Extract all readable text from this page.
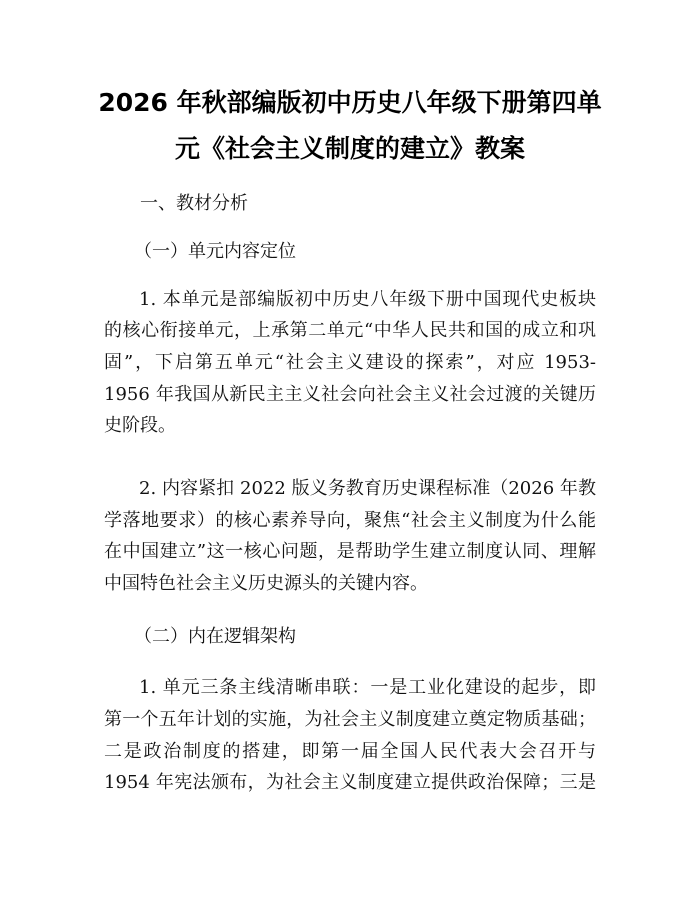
2026 年秋部编版初中历史八年级下册第四单
元《社会主义制度的建立》教案
一、教材分析
（一）单元内容定位
1. 本单元是部编版初中历史八年级下册中国现代史板块
的核心衔接单元，上承第二单元“中华人民共和国的成立和巩
固”，下启第五单元“社会主义建设的探索”，对应 1953-
1956 年我国从新民主主义社会向社会主义社会过渡的关键历
史阶段。
2. 内容紧扣 2022 版义务教育历史课程标准（2026 年教
学落地要求）的核心素养导向，聚焦“社会主义制度为什么能
在中国建立”这一核心问题，是帮助学生建立制度认同、理解
中国特色社会主义历史源头的关键内容。
（二）内在逻辑架构
1. 单元三条主线清晰串联：一是工业化建设的起步，即
第一个五年计划的实施，为社会主义制度建立奠定物质基础；
二是政治制度的搭建，即第一届全国人民代表大会召开与
1954 年宪法颁布，为社会主义制度建立提供政治保障；三是
